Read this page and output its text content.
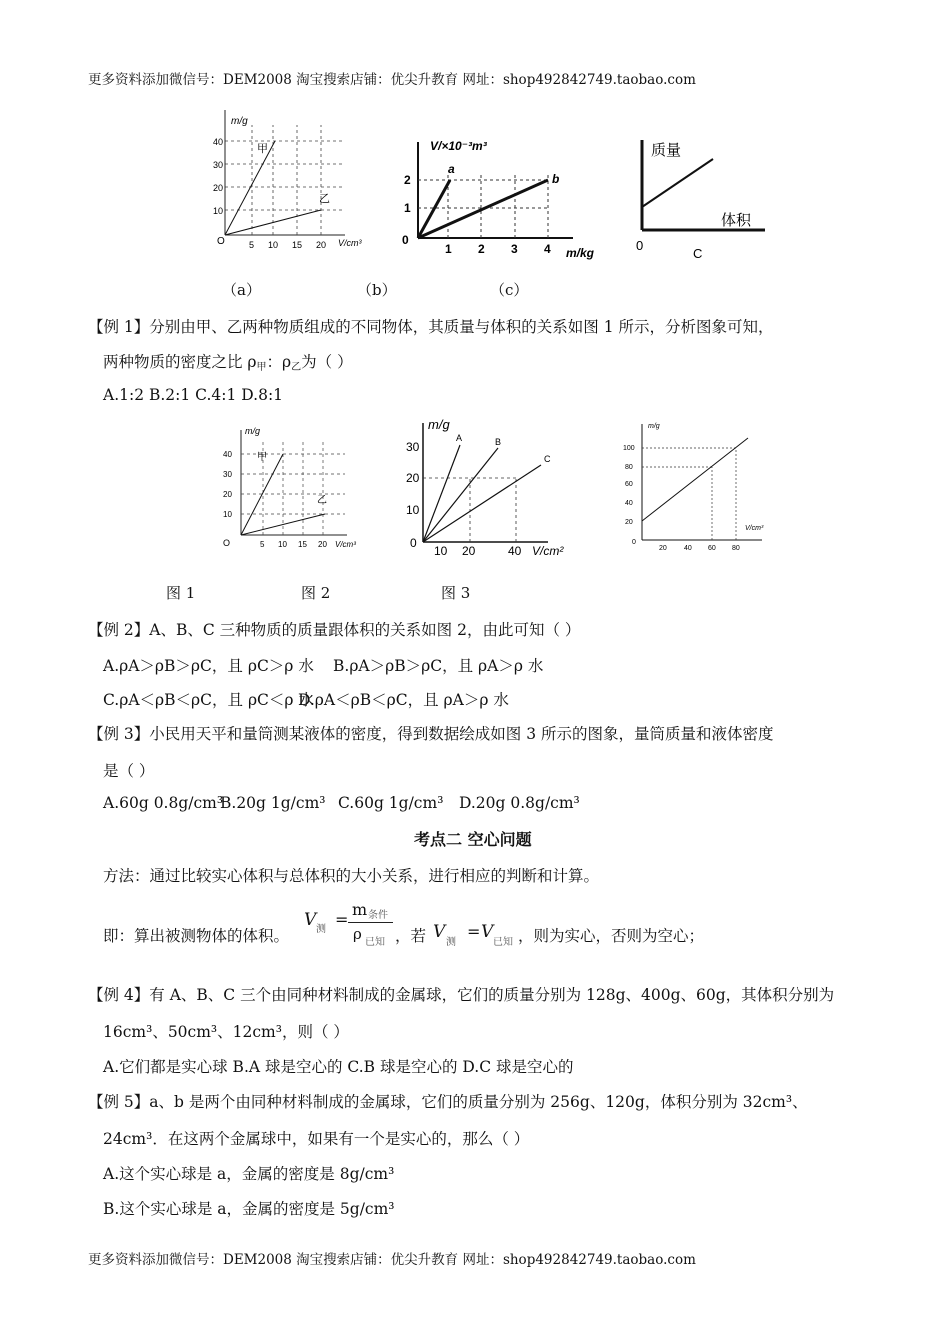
更多资料添加微信号：DEM2008 淘宝搜索店铺：优尖升教育 网址：shop492842749.taobao.com
m/g
O
10
20
30
40
5 10 15 20 V/cm³
甲
乙
V/×10⁻³m³
0
1
2
1 2 3 4 m/kg
a
b
质量
体积
0
C
（a）	（b）	（c）
【例 1】分别由甲、乙两种物质组成的不同物体，其质量与体积的关系如图 1 所示，分析图象可知，
两种物质的密度之比 ρ甲：ρ乙为（ ）
A.1:2 B.2:1 C.4:1 D.8:1
m/g
O
10
20
30
40
5 10 15 20 V/cm³
甲
乙
m/g
0
10
20
30
10 20	40 V/cm²
A	B
C
m/g
0
20
40
60
80
100
20 40 60 80
V/cm³
图 1	图 2	图 3
【例 2】A、B、C 三种物质的质量跟体积的关系如图 2，由此可知（ ）
A.ρA＞ρB＞ρC，且 ρC＞ρ 水 B.ρA＞ρB＞ρC，且 ρA＞ρ 水
C.ρA＜ρB＜ρC，且 ρC＜ρ 水
D.ρA＜ρB＜ρC，且 ρA＞ρ 水
【例 3】小民用天平和量筒测某液体的密度，得到数据绘成如图 3 所示的图象，量筒质量和液体密度
是（ ）
A.60g 0.8g/cm³
B.20g 1g/cm³ C.60g 1g/cm³ D.20g 0.8g/cm³
考点二 空心问题
方法：通过比较实心体积与总体积的大小关系，进行相应的判断和计算。
即：算出被测物体的体积。
V 测
=
m 条件
ρ 已知 ，若 V
测
= V
已知 ，则为实心，否则为空心；
【例 4】有 A、B、C 三个由同种材料制成的金属球，它们的质量分别为 128g、400g、60g，其体积分别为
16cm³、50cm³、12cm³，则（ ）
A.它们都是实心球 B.A 球是空心的 C.B 球是空心的 D.C 球是空心的
【例 5】a、b 是两个由同种材料制成的金属球，它们的质量分别为 256g、120g，体积分别为 32cm³、
24cm³．在这两个金属球中，如果有一个是实心的，那么（ ）
A.这个实心球是 a，金属的密度是 8g/cm³
B.这个实心球是 a，金属的密度是 5g/cm³
更多资料添加微信号：DEM2008 淘宝搜索店铺：优尖升教育 网址：shop492842749.taobao.com
